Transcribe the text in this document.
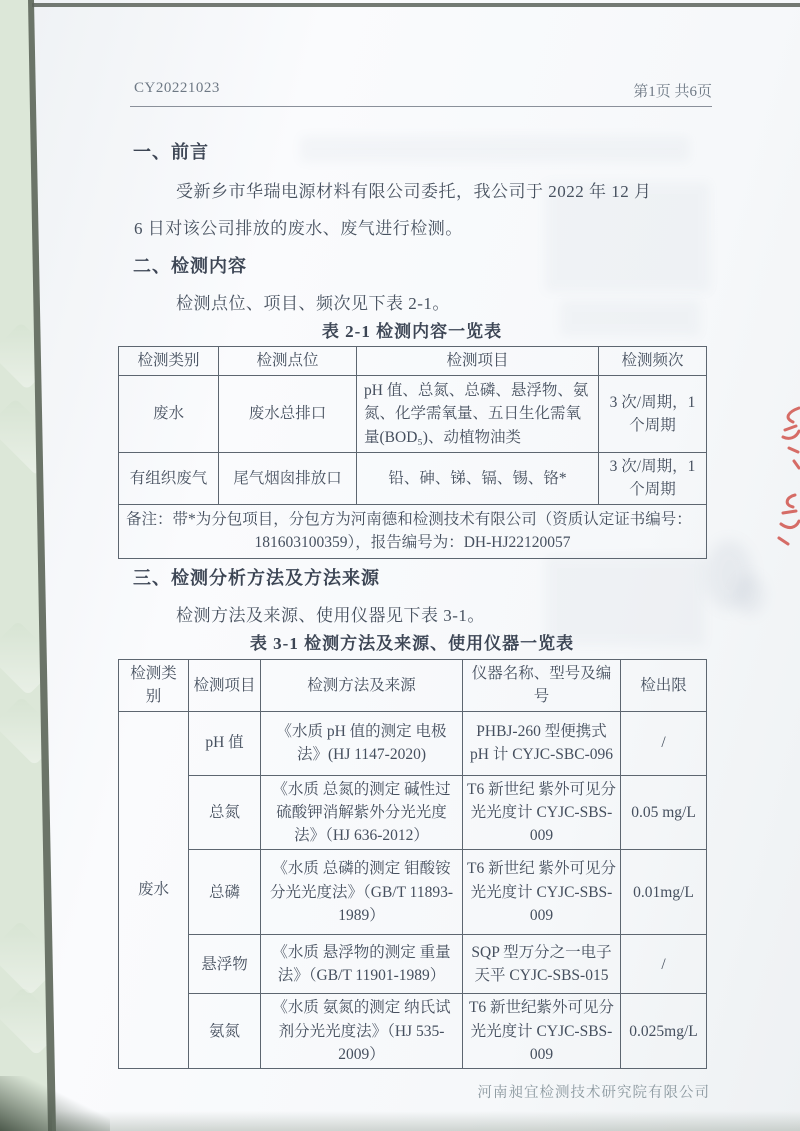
CY20221023	第1页 共6页
一、前言
受新乡市华瑞电源材料有限公司委托，我公司于 2022 年 12 月
6 日对该公司排放的废水、废气进行检测。
二、检测内容
检测点位、项目、频次见下表 2-1。
表 2-1 检测内容一览表
检测类别	检测点位	检测项目	检测频次
废水	废水总排口	pH 值、总氮、总磷、悬浮物、氨氮、化学需氧量、五日生化需氧量(BOD₅)、动植物油类	3 次/周期，1 个周期
有组织废气	尾气烟囱排放口	铅、砷、锑、镉、锡、铬*	3 次/周期，1 个周期

备注：带*为分包项目，分包方为河南德和检测技术有限公司（资质认定证书编号：
181603100359），报告编号为：DH-HJ22120057			
三、检测分析方法及方法来源
检测方法及来源、使用仪器见下表 3-1。
表 3-1 检测方法及来源、使用仪器一览表
检测类别	检测项目	检测方法及来源	仪器名称、型号及编号	检出限
废水	pH 值	《水质 pH 值的测定 电极法》(HJ 1147-2020)	PHBJ-260 型便携式 pH 计 CYJC-SBC-096	/
	总氮	《水质 总氮的测定 碱性过硫酸钾消解紫外分光光度法》（HJ 636-2012）	T6 新世纪 紫外可见分光光度计 CYJC-SBS-009	0.05 mg/L
	总磷	《水质 总磷的测定 钼酸铵分光光度法》（GB/T 11893-1989）	T6 新世纪 紫外可见分光光度计 CYJC-SBS-009	0.01mg/L
	悬浮物	《水质 悬浮物的测定 重量法》（GB/T 11901-1989）	SQP 型万分之一电子天平 CYJC-SBS-015	/
	氨氮	《水质 氨氮的测定 纳氏试剂分光光度法》（HJ 535-2009）	T6 新世纪紫外可见分光光度计 CYJC-SBS-009	0.025mg/L
河南昶宜检测技术研究院有限公司
